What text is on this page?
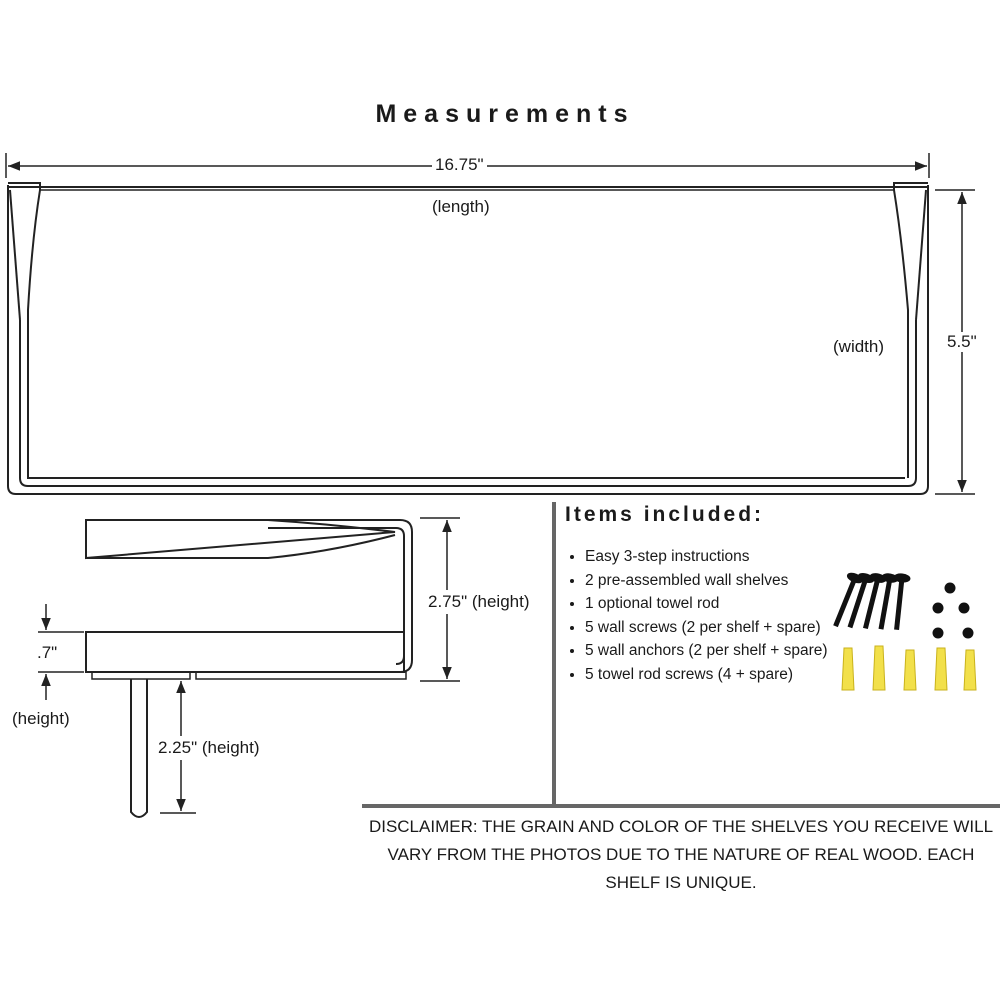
Measurements
16.75"
(length)
(width)	5.5"
2.75" (height)
.7"
(height)
2.25" (height)
Items included:
• Easy 3-step instructions
• 2 pre-assembled wall shelves
• 1 optional towel rod
• 5 wall screws (2 per shelf + spare)
• 5 wall anchors (2 per shelf + spare)
• 5 towel rod screws (4 + spare)
DISCLAIMER: THE GRAIN AND COLOR OF THE SHELVES YOU RECEIVE WILL VARY FROM THE PHOTOS DUE TO THE NATURE OF REAL WOOD. EACH SHELF IS UNIQUE.
